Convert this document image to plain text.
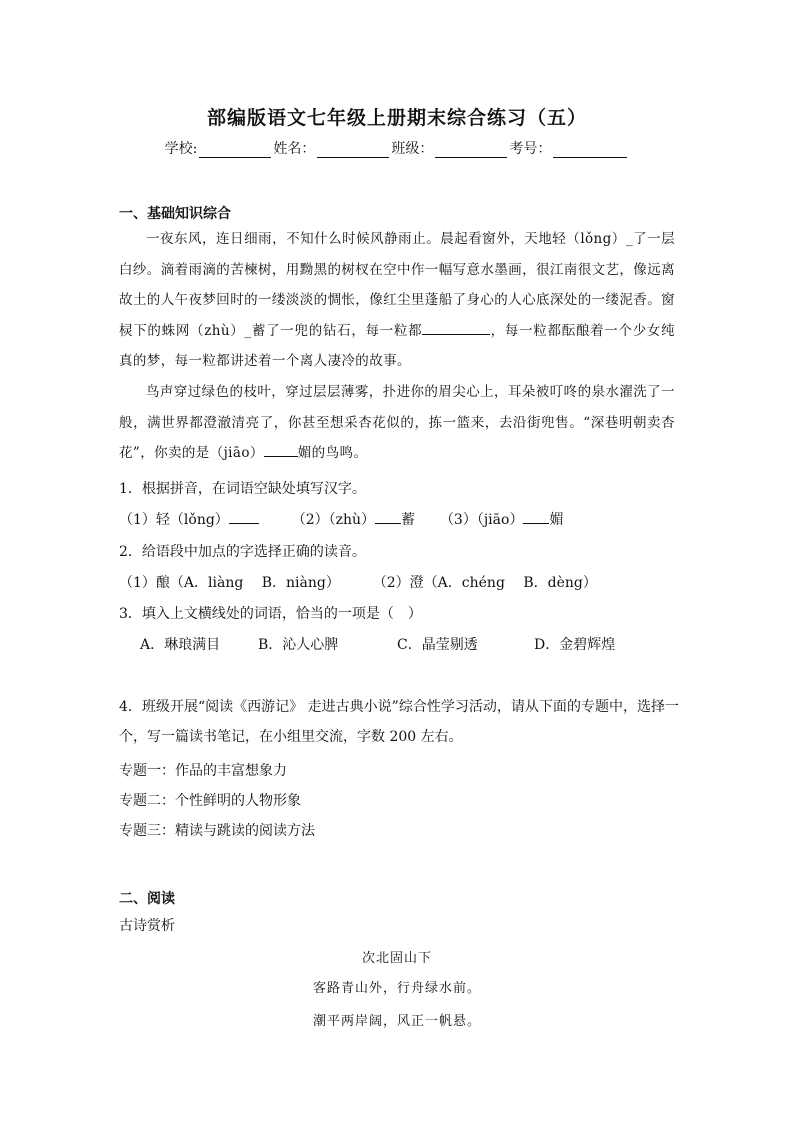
部编版语文七年级上册期末综合练习（五）
学校:	姓名：	班级：	考号：
一、基础知识综合
一夜东风，连日细雨，不知什么时候风静雨止。晨起看窗外，天地轻（lǒng）_了一层白纱。滴着雨滴的苦楝树，用黝黑的树杈在空中作一幅写意水墨画，很江南很文艺，像远离故土的人午夜梦回时的一缕淡淡的惆怅，像红尘里蓬船了身心的人心底深处的一缕泥香。窗棂下的蛛网（zhù）_蓄了一兜的钻石，每一粒都	，每一粒都酝酿着一个少女纯真的梦，每一粒都讲述着一个离人凄冷的故事。
鸟声穿过绿色的枝叶，穿过层层薄雾，扑进你的眉尖心上，耳朵被叮咚的泉水濯洗了一般，满世界都澄澈清亮了，你甚至想采杏花似的，拣一篮来，去沿街兜售。“深巷明朝卖杏花”，你卖的是（jiāo）	媚的鸟鸣。
1．根据拼音，在词语空缺处填写汉字。
（1）轻（lǒng）	（2）（zhù） 蓄 （3）（jiāo） 媚
2．给语段中加点的字选择正确的读音。
（1）酿（A．liàng　 B．niàng） （2）澄（A．chéng　 B．dèng）
3．填入上文横线处的词语，恰当的一项是（　）
A．琳琅满目	B．沁人心脾	C．晶莹剔透	D．金碧辉煌
4．班级开展“阅读《西游记》 走进古典小说”综合性学习活动，请从下面的专题中，选择一个，写一篇读书笔记，在小组里交流，字数 200 左右。
专题一：作品的丰富想象力
专题二：个性鲜明的人物形象
专题三：精读与跳读的阅读方法
二、阅读
古诗赏析
次北固山下
客路青山外，行舟绿水前。
潮平两岸阔，风正一帆悬。
